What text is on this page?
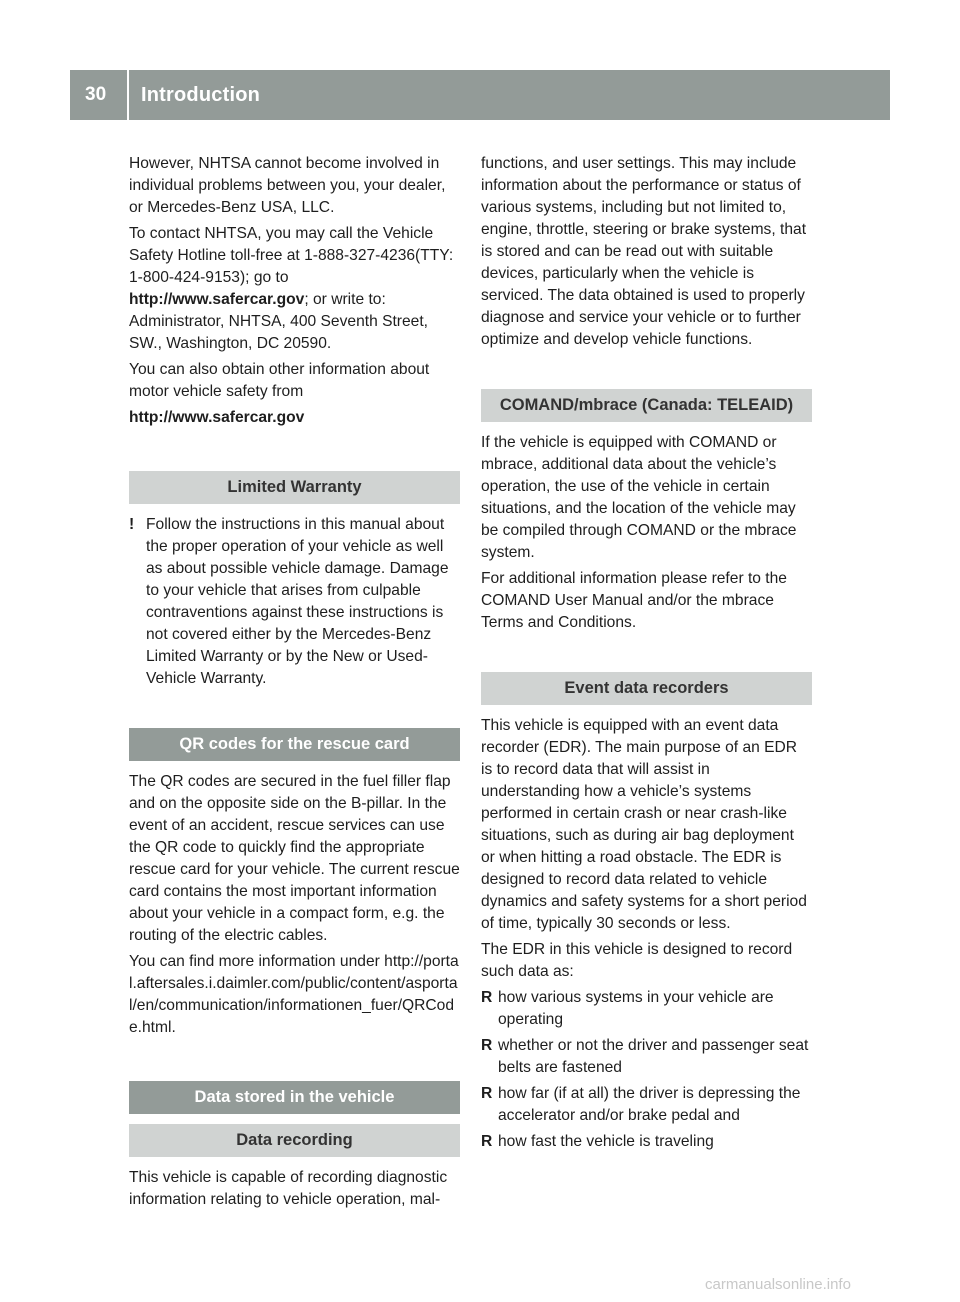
30	Introduction

However, NHTSA cannot become involved in individual problems between you, your dealer, or Mercedes-Benz USA, LLC.

To contact NHTSA, you may call the Vehicle Safety Hotline toll-free at 1-888-327-4236(TTY: 1-800-424-9153); go to http://www.safercar.gov; or write to: Administrator, NHTSA, 400 Seventh Street, SW., Washington, DC 20590.

You can also obtain other information about motor vehicle safety from

http://www.safercar.gov

Limited Warranty
! Follow the instructions in this manual about the proper operation of your vehicle as well as about possible vehicle damage. Damage to your vehicle that arises from culpable contraventions against these instructions is not covered either by the Mercedes-Benz Limited Warranty or by the New or Used-Vehicle Warranty.
QR codes for the rescue card

The QR codes are secured in the fuel filler flap and on the opposite side on the B-pillar. In the event of an accident, rescue services can use the QR code to quickly find the appropriate rescue card for your vehicle. The current rescue card contains the most important information about your vehicle in a compact form, e.g. the routing of the electric cables.

You can find more information under http://portal.aftersales.i.daimler.com/public/content/asportal/en/communication/informationen_fuer/QRCode.html.

Data stored in the vehicle
Data recording

This vehicle is capable of recording diagnostic information relating to vehicle operation, mal-

functions, and user settings. This may include information about the performance or status of various systems, including but not limited to, engine, throttle, steering or brake systems, that is stored and can be read out with suitable devices, particularly when the vehicle is serviced. The data obtained is used to properly diagnose and service your vehicle or to further optimize and develop vehicle functions.

COMAND/mbrace (Canada: TELEAID)

If the vehicle is equipped with COMAND or mbrace, additional data about the vehicle’s operation, the use of the vehicle in certain situations, and the location of the vehicle may be compiled through COMAND or the mbrace system.

For additional information please refer to the COMAND User Manual and/or the mbrace Terms and Conditions.

Event data recorders

This vehicle is equipped with an event data recorder (EDR). The main purpose of an EDR is to record data that will assist in understanding how a vehicle’s systems performed in certain crash or near crash-like situations, such as during air bag deployment or when hitting a road obstacle. The EDR is designed to record data related to vehicle dynamics and safety systems for a short period of time, typically 30 seconds or less.

The EDR in this vehicle is designed to record such data as:

R how various systems in your vehicle are operating
R whether or not the driver and passenger seat belts are fastened
R how far (if at all) the driver is depressing the accelerator and/or brake pedal and
R how fast the vehicle is traveling
carmanualsonline.info
